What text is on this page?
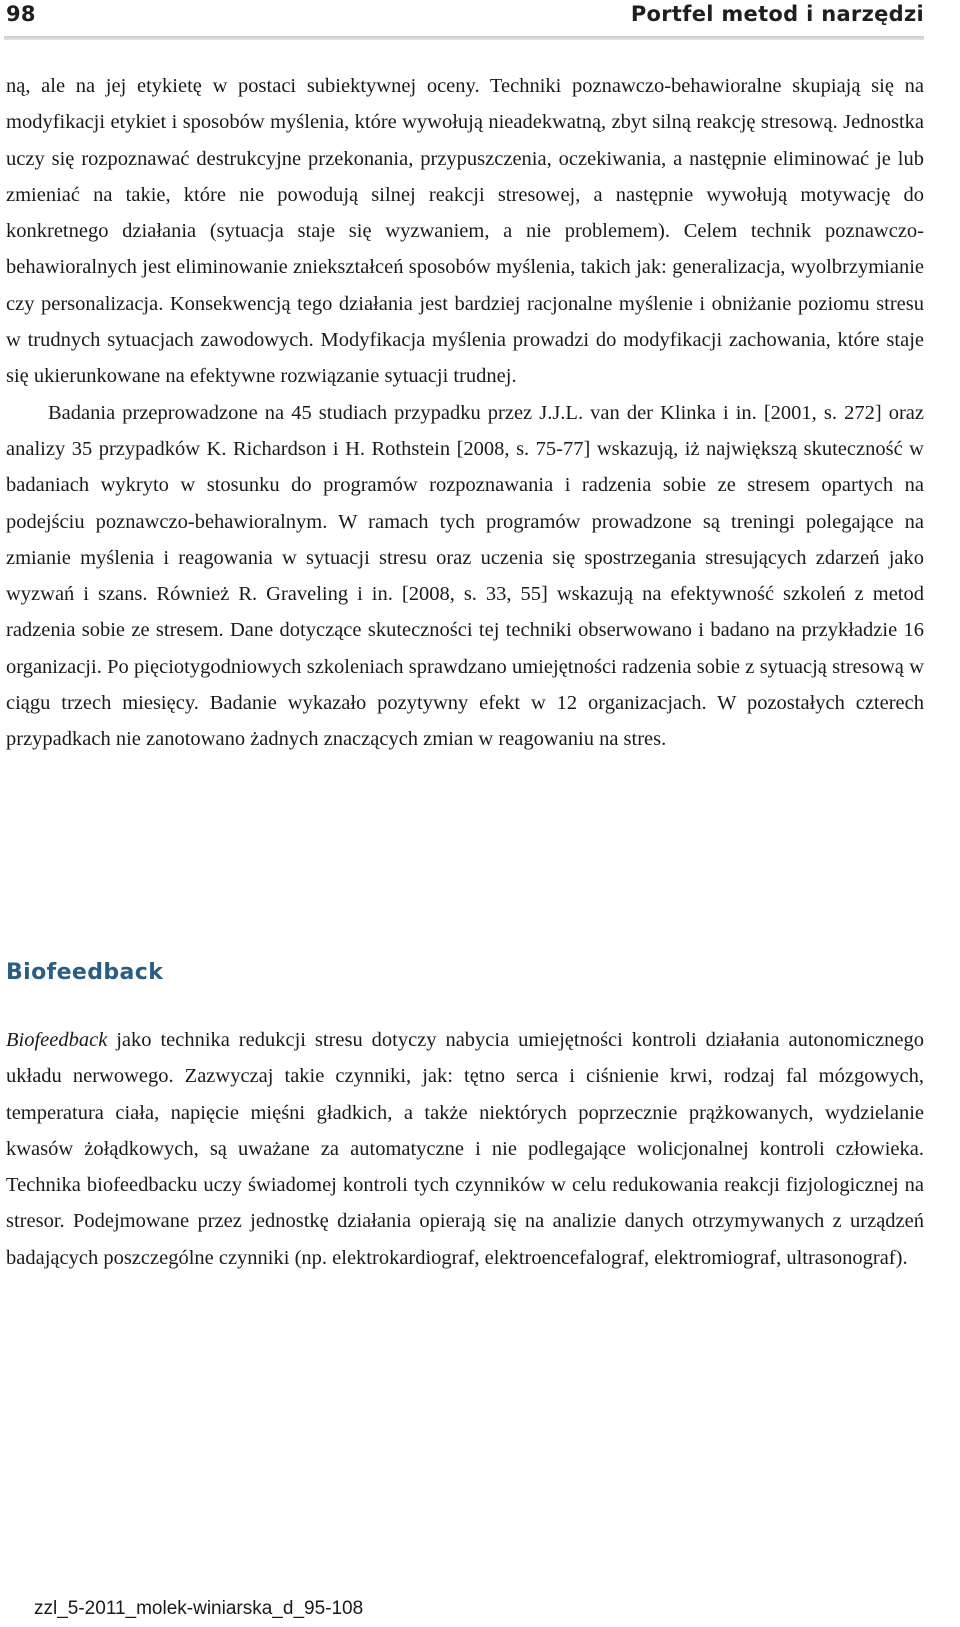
98	Portfel metod i narzędzi

ną, ale na jej etykietę w postaci subiektywnej oceny. Techniki poznawczo-behawioralne skupiają się na modyfikacji etykiet i sposobów myślenia, które wywołują nieadekwatną, zbyt silną reakcję stresową. Jednostka uczy się rozpoznawać destrukcyjne przekonania, przypuszczenia, oczekiwania, a następnie eliminować je lub zmieniać na takie, które nie powodują silnej reakcji stresowej, a następnie wywołują motywację do konkretnego działania (sytuacja staje się wyzwaniem, a nie problemem). Celem technik poznawczo-behawioralnych jest eliminowanie zniekształceń sposobów myślenia, takich jak: generalizacja, wyolbrzymianie czy personalizacja. Konsekwencją tego działania jest bardziej racjonalne myślenie i obniżanie poziomu stresu w trudnych sytuacjach zawodowych. Modyfikacja myślenia prowadzi do modyfikacji zachowania, które staje się ukierunkowane na efektywne rozwiązanie sytuacji trudnej.

Badania przeprowadzone na 45 studiach przypadku przez J.J.L. van der Klinka i in. [2001, s. 272] oraz analizy 35 przypadków K. Richardson i H. Rothstein [2008, s. 75-77] wskazują, iż największą skuteczność w badaniach wykryto w stosunku do programów rozpoznawania i radzenia sobie ze stresem opartych na podejściu poznawczo-behawioralnym. W ramach tych programów prowadzone są treningi polegające na zmianie myślenia i reagowania w sytuacji stresu oraz uczenia się spostrzegania stresujących zdarzeń jako wyzwań i szans. Również R. Graveling i in. [2008, s. 33, 55] wskazują na efektywność szkoleń z metod radzenia sobie ze stresem. Dane dotyczące skuteczności tej techniki obserwowano i badano na przykładzie 16 organizacji. Po pięciotygodniowych szkoleniach sprawdzano umiejętności radzenia sobie z sytuacją stresową w ciągu trzech miesięcy. Badanie wykazało pozytywny efekt w 12 organizacjach. W pozostałych czterech przypadkach nie zanotowano żadnych znaczących zmian w reagowaniu na stres.

Biofeedback

Biofeedback jako technika redukcji stresu dotyczy nabycia umiejętności kontroli działania autonomicznego układu nerwowego. Zazwyczaj takie czynniki, jak: tętno serca i ciśnienie krwi, rodzaj fal mózgowych, temperatura ciała, napięcie mięśni gładkich, a także niektórych poprzecznie prążkowanych, wydzielanie kwasów żołądkowych, są uważane za automatyczne i nie podlegające wolicjonalnej kontroli człowieka. Technika biofeedbacku uczy świadomej kontroli tych czynników w celu redukowania reakcji fizjologicznej na stresor. Podejmowane przez jednostkę działania opierają się na analizie danych otrzymywanych z urządzeń badających poszczególne czynniki (np. elektrokardiograf, elektroencefalograf, elektromiograf, ultrasonograf).

zzl_5-2011_molek-winiarska_d_95-108
